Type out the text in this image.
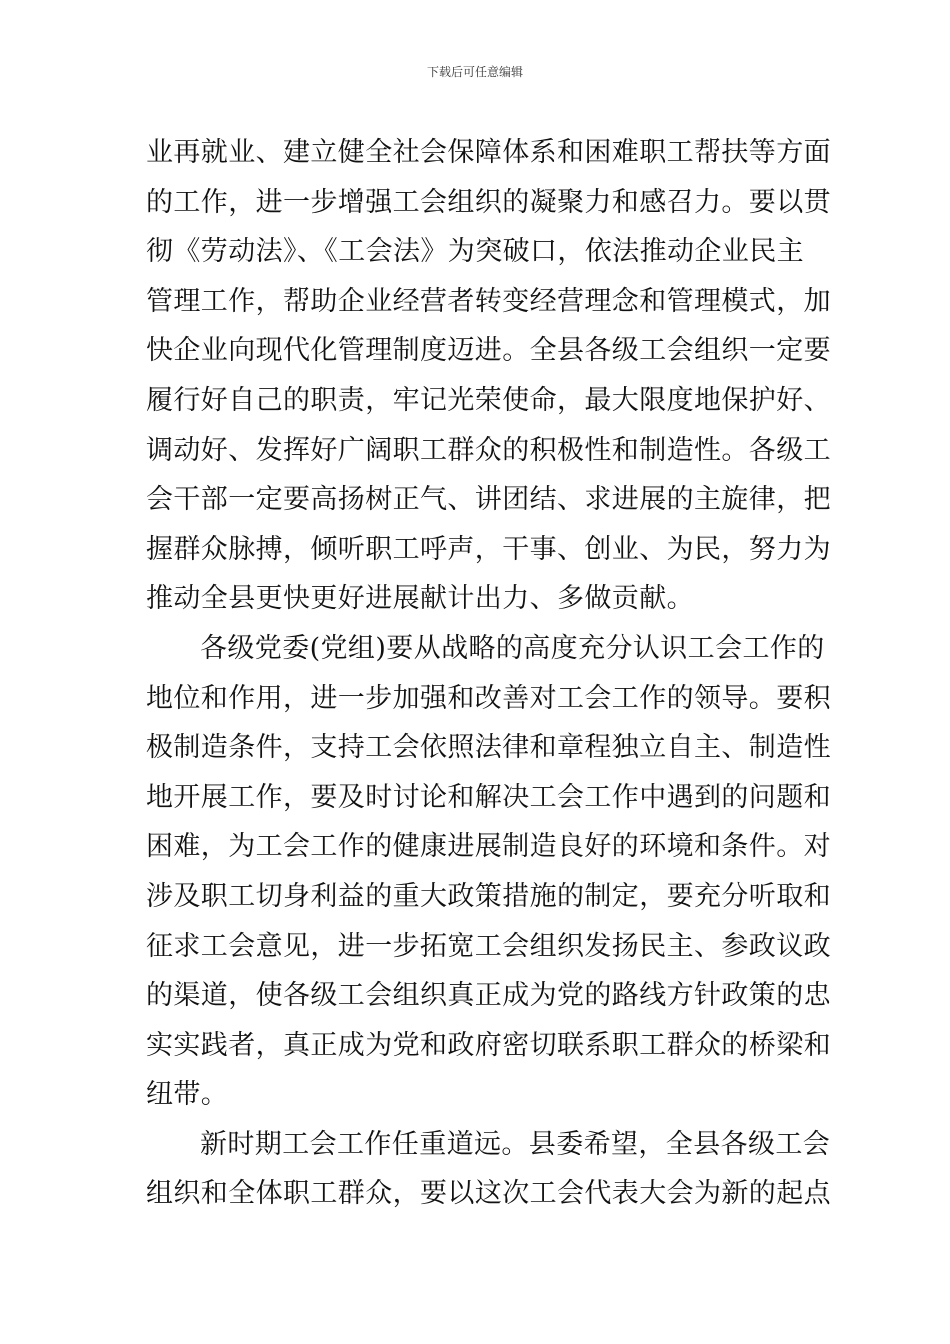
下载后可任意编辑
业再就业、建立健全社会保障体系和困难职工帮扶等方面
的工作，进一步增强工会组织的凝聚力和感召力。要以贯
彻《劳动法》、《工会法》为突破口，依法推动企业民主
管理工作，帮助企业经营者转变经营理念和管理模式，加
快企业向现代化管理制度迈进。全县各级工会组织一定要
履行好自己的职责，牢记光荣使命，最大限度地保护好、
调动好、发挥好广阔职工群众的积极性和制造性。各级工
会干部一定要高扬树正气、讲团结、求进展的主旋律，把
握群众脉搏，倾听职工呼声，干事、创业、为民，努力为
推动全县更快更好进展献计出力、多做贡献。
各级党委(党组)要从战略的高度充分认识工会工作的
地位和作用，进一步加强和改善对工会工作的领导。要积
极制造条件，支持工会依照法律和章程独立自主、制造性
地开展工作，要及时讨论和解决工会工作中遇到的问题和
困难，为工会工作的健康进展制造良好的环境和条件。对
涉及职工切身利益的重大政策措施的制定，要充分听取和
征求工会意见，进一步拓宽工会组织发扬民主、参政议政
的渠道，使各级工会组织真正成为党的路线方针政策的忠
实实践者，真正成为党和政府密切联系职工群众的桥梁和
纽带。
新时期工会工作任重道远。县委希望，全县各级工会
组织和全体职工群众，要以这次工会代表大会为新的起点
